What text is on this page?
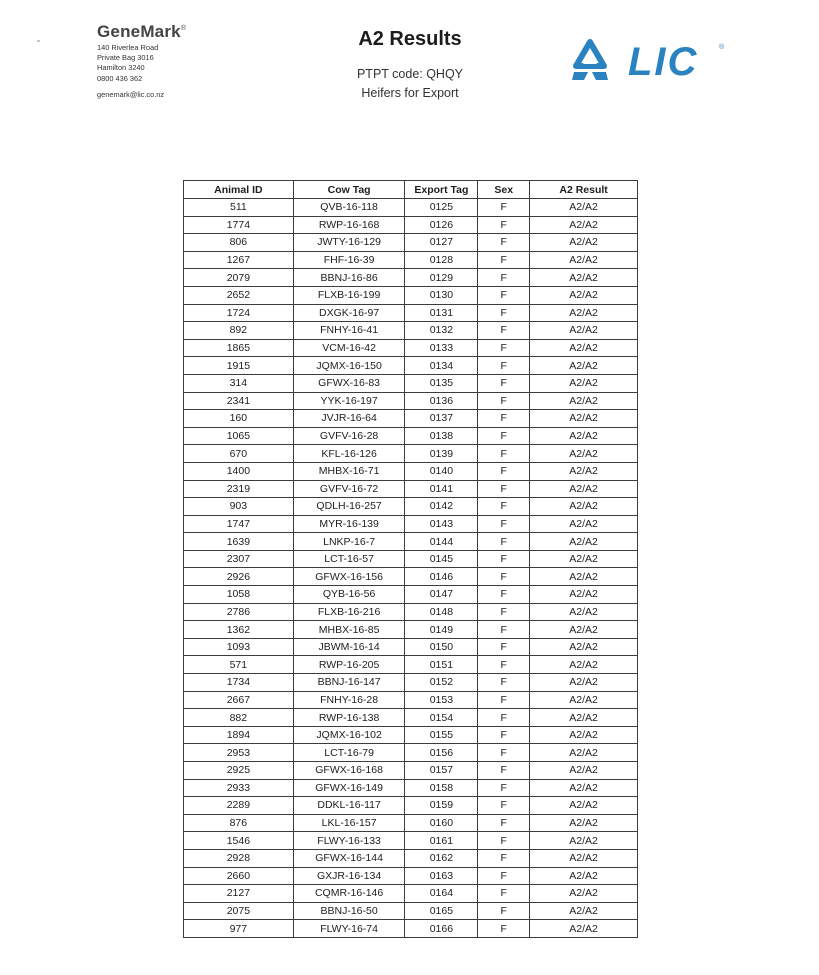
GeneMark®
140 Riverlea Road
Private Bag 3016
Hamilton 3240
0800 436 362
genemark@lic.co.nz
A2 Results
PTPT code: QHQY
Heifers for Export
LIC	®
Animal ID	Cow Tag	Export Tag	Sex	A2 Result
511	QVB-16-118	0125	F	A2/A2
1774	RWP-16-168	0126	F	A2/A2
806	JWTY-16-129	0127	F	A2/A2
1267	FHF-16-39	0128	F	A2/A2
2079	BBNJ-16-86	0129	F	A2/A2
2652	FLXB-16-199	0130	F	A2/A2
1724	DXGK-16-97	0131	F	A2/A2
892	FNHY-16-41	0132	F	A2/A2
1865	VCM-16-42	0133	F	A2/A2
1915	JQMX-16-150	0134	F	A2/A2
314	GFWX-16-83	0135	F	A2/A2
2341	YYK-16-197	0136	F	A2/A2
160	JVJR-16-64	0137	F	A2/A2
1065	GVFV-16-28	0138	F	A2/A2
670	KFL-16-126	0139	F	A2/A2
1400	MHBX-16-71	0140	F	A2/A2
2319	GVFV-16-72	0141	F	A2/A2
903	QDLH-16-257	0142	F	A2/A2
1747	MYR-16-139	0143	F	A2/A2
1639	LNKP-16-7	0144	F	A2/A2
2307	LCT-16-57	0145	F	A2/A2
2926	GFWX-16-156	0146	F	A2/A2
1058	QYB-16-56	0147	F	A2/A2
2786	FLXB-16-216	0148	F	A2/A2
1362	MHBX-16-85	0149	F	A2/A2
1093	JBWM-16-14	0150	F	A2/A2
571	RWP-16-205	0151	F	A2/A2
1734	BBNJ-16-147	0152	F	A2/A2
2667	FNHY-16-28	0153	F	A2/A2
882	RWP-16-138	0154	F	A2/A2
1894	JQMX-16-102	0155	F	A2/A2
2953	LCT-16-79	0156	F	A2/A2
2925	GFWX-16-168	0157	F	A2/A2
2933	GFWX-16-149	0158	F	A2/A2
2289	DDKL-16-117	0159	F	A2/A2
876	LKL-16-157	0160	F	A2/A2
1546	FLWY-16-133	0161	F	A2/A2
2928	GFWX-16-144	0162	F	A2/A2
2660	GXJR-16-134	0163	F	A2/A2
2127	CQMR-16-146	0164	F	A2/A2
2075	BBNJ-16-50	0165	F	A2/A2
977	FLWY-16-74	0166	F	A2/A2
